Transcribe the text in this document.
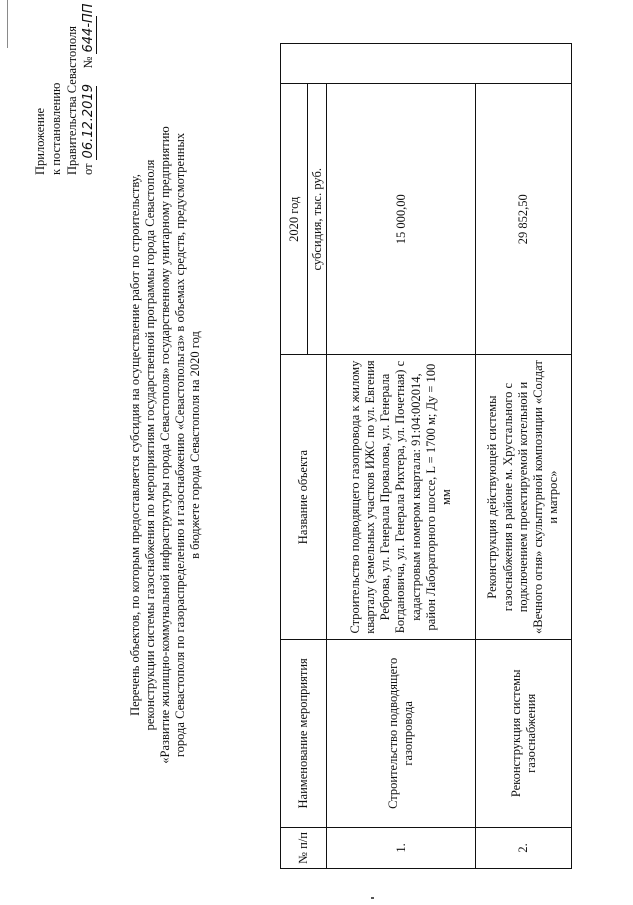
Приложение к постановлению Правительства Севастополя от
06.12.2019
№
644-ПП
Перечень объектов, по которым предоставляется субсидия на осуществление работ по строительству, реконструкции системы газоснабжения по мероприятиям государственной программы города Севастополя «Развитие жилищно-коммунальной инфраструктуры города Севастополя» государственному унитарному предприятию города Севастополя по газораспределению и газоснабжению «Севастопольгаз» в объемах средств, предусмотренных в бюджете города Севастополя на 2020 год
№ п/п	Наименование мероприятия	Название объекта	2020 год	
			субсидия, тыс. руб.	
1.	Строительство подводящего газопровода	Строительство подводящего газопровода к жилому кварталу (земельных участков ИЖС по ул. Евгения Реброва, ул. Генерала Провалова, ул. Генерала Богдановича, ул. Генерала Рихтера, ул. Почетная) с кадастровым номером квартала: 91:04:002014, район Лабораторного шоссе, L = 1700 м; Ду = 100 мм	15 000,00	
2.	Реконструкция системы газоснабжения	Реконструкция действующей системы газоснабжения в районе м. Хрустального с подключением проектируемой котельной и «Вечного огня» скульптурной композиции «Солдат и матрос»	29 852,50	
